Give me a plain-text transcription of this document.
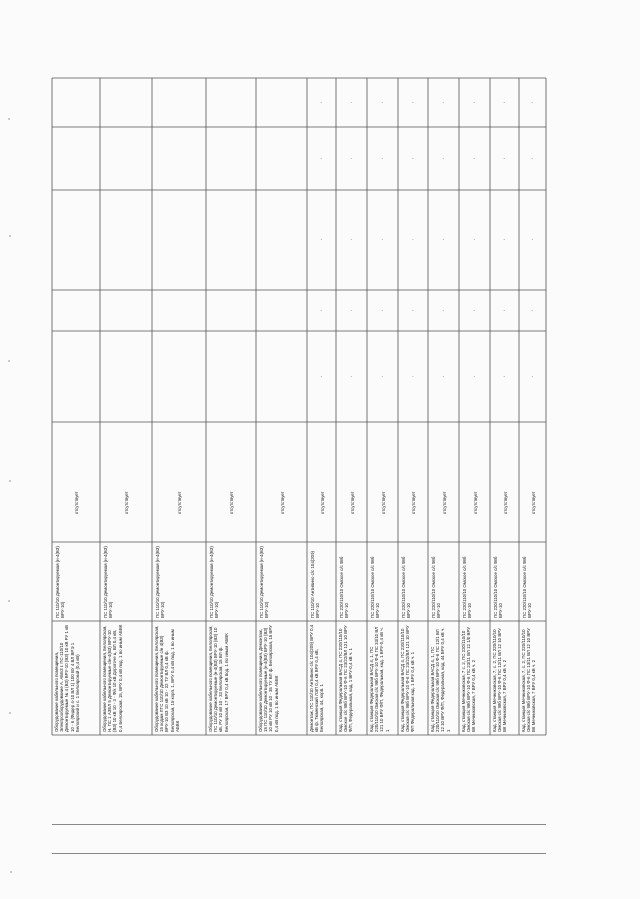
Оборудование кабельного помещения, Электрооборудование А. АББЗ г. ПС-110/10 Демонтируемые № 4 (ВЗ) ВРУ-10 (ВЗ) 10 кВ РУ 1 кВ 10 - 6 (Фидер 4-10 ВЛ 1) 100 ВУ 4 ВЛ ВРЭ 1 Белоярский и с. 1 Белоярский (0,4 кВ)
ПС 110/10 Демонтируемая (н-4(ВЗ) ВРУ-10)
отсутствует
Оборудование кабельного помещения, Белоярская, Н. ПС 1 АЗЕЛ 5 Демонтируемые с/н-4(ВЗ) ВРУ-10 (ВЗ) 10 кВ 10 - 3 - Ф/к 10 кВ Дорогоче ц. ВЛ 0,4 кВ, 0,4 Белоярская. 15, ВРУ 0,4 кВ под. 1 по иным АБВК
ПС 110/10 Демонтируемая (н-4(ВЗ) ВРУ-10)
отсутствует
Оборудование кабельного помещения, Белоярская, 15 кодам ЛТС 110/10 Демонтируемые с/н 4(ВЗ) ВРУ-10 ВЗ 10 кВ 10 - 22 ТУ ВЛ 0,4 кВ ф. Белоярская, 15 корп. 1, ВРУ 0,4 кВ под. 1 по иным АБВК
ПС 110/10 Демонтируемая (н-4(ВЗ) ВРУ-10)
отсутствует
Оборудование кабельного помещения, Белоярская, ПС 110/10 Демонтируемые (н-4(ВЗ) ВРУ-10 (ВЗ) 10 кВ, РУ 10 кВ 10 - 33 Белоярская, 15 ВЛ ф. Белоярская, 17 ВРУ 0,4 кВ под. 1 по иным АБВК
ПС 110/10 Демонтируемая (н-4(ВЗ) ВРУ-10)
отсутствует
Оборудование кабельного помещения, Демонтаж, 15 ПС 110/10 Демонтируемые (н-4(ВЗ) ВРУ-10 (ВЗ) 10 кВ РУ 10 кВ 10 - 35 ТУ ВЛ ф. Белоярская, 15 ВРУ 0,4 кВ под. 1 по иным АБВК
ПС 110/10 Демонтируемая (н-4(ВЗ) ВРУ-10)
отсутствует
Демонтаж, ПС 110/10 Антипино с/с 104(209) ВРУ 0,4 кВ ф. Тюменский ЛЭП 0,4 кВ ВРУ 0,4 кВ, Белоярская, 44, корп. 1
ПС 110/10 Антипино с/с 104(209) ВРУ-10
отсутствует
-
-
-
-
-
Кад. станция Федеральная ВАСД 4, ПС 220/110/10 Омское с/с 98б ВРУ-10 Ф-6 ПС 23/22/ВЛ 121 10 ВРУ Ф/П, Федеральная, кад. 1 ВРУ-0,4 кВ ч. 1
ПС 220/110/10 Омское с/с 98б ВРУ-10
отсутствует
-
-
-
-
-
Кад. станция Федеральная ВАСД 4, 1, ПС 220/110/10 Омская с/с 98б ВРУ-10 Ф-6 ПС 33/10 ВЛ 121 10 ВРУ Ф/П, Федеральная, кад. 1 ВРУ-0,4 кВ ч. 1
ПС 220/110/10 Омское с/с 98б ВРУ-10
отсутствует
-
-
-
-
-
Кад. станция Федеральная ВАСД 4, ПС 220/110/10 Омская с/с 98б ВРУ-10 Ф-6 ПС 23/22/ВЛ 121 10 ВРУ ФП Федеральная кад. 1 ВРУ 0,4 кВ ч. 1
ПС 220/110/10 Омское с/с 98б ВРУ-10
отсутствует
-
-
-
-
-
Кад. станция Федеральная ВАСД 4, 1, ПС 220/110/10 Омская с/с 98б ВРУ-10 Ф-6 ПС 12/1 ВЛ 12 10 ВРУ Ф/П, Федеральная, кад. 44 ВРУ 0,4 кВ ч. 1
ПС 220/110/10 Омское с/с 98б ВРУ-10
отсутствует
-
-
-
-
-
Кад. станция Мечниковская, 7 с. 2, ПС 220/110/10 Омская с/с 98б ВРУ-10 Ф-6 ПС 23/11 ВЛ 12 1/0 ВРУ ВК Мечниковская, 7 ВРУ 0,4 кВ ч. 2
ПС 220/110/10 Омское с/с 98б ВРУ-10
отсутствует
-
-
-
-
-
Кад. станция Мечниковская, 7, с. 2, ПС 220/110/10 Омская с/с 98б ВРУ-10 Ф-6 ПС 12/11 ВЛ 12 10 ВРУ ВК Мечниковская, 7 ВРУ 0,4 кВ ч. 2
ПС 220/110/10 Омское с/с 98б ВРУ-10
отсутствует
-
-
-
-
-
Кад. станция Мечниковская, 7, с. 2, ПС 220/110/10 Омская с/с 98б ВРУ-10 Ф-6 ПС 13/11 ВЛ 12 10 ВРУ ВК Мечниковская, 7 ВРУ 0,4 кВ ч. 2
ПС 220/110/10 Омское с/с 98б ВРУ-10
отсутствует
-
-
-
-
-
